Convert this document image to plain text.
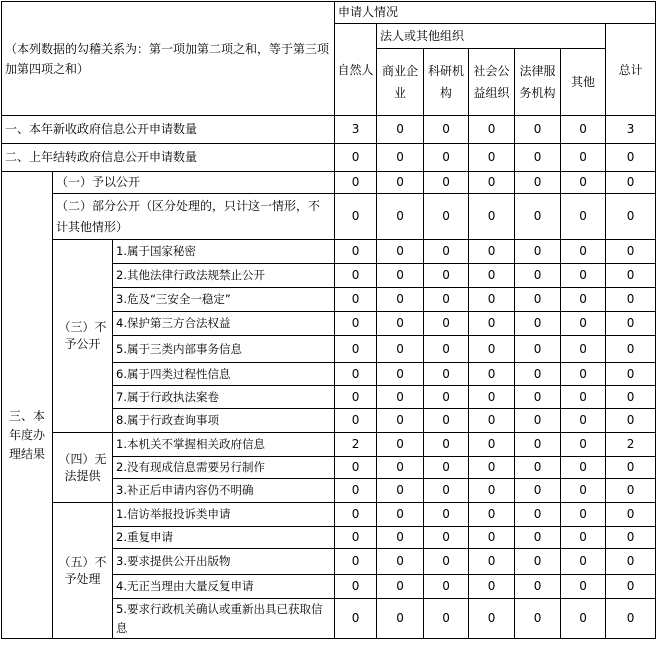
（本列数据的勾稽关系为：第一项加第二项之和，等于第三项加第四项之和）			申请人情况						
			自然人	法人或其他组织					总计
				商业企业	科研机构	社会公益组织	法律服务机构	其他	
一、本年新收政府信息公开申请数量			3	0	0	0	0	0	3
二、上年结转政府信息公开申请数量			0	0	0	0	0	0	0
三、本年度办理结果	（一）予以公开		0	0	0	0	0	0	0
	（二）部分公开（区分处理的，只计这一情形，不计其他情形）		0	0	0	0	0	0	0
	（三）不予公开	1.属于国家秘密	0	0	0	0	0	0	0
		2.其他法律行政法规禁止公开	0	0	0	0	0	0	0
		3.危及“三安全一稳定”	0	0	0	0	0	0	0
		4.保护第三方合法权益	0	0	0	0	0	0	0
		5.属于三类内部事务信息	0	0	0	0	0	0	0
		6.属于四类过程性信息	0	0	0	0	0	0	0
		7.属于行政执法案卷	0	0	0	0	0	0	0
		8.属于行政查询事项	0	0	0	0	0	0	0
	（四）无法提供	1.本机关不掌握相关政府信息	2	0	0	0	0	0	2
		2.没有现成信息需要另行制作	0	0	0	0	0	0	0
		3.补正后申请内容仍不明确	0	0	0	0	0	0	0
	（五）不予处理	1.信访举报投诉类申请	0	0	0	0	0	0	0
		2.重复申请	0	0	0	0	0	0	0
		3.要求提供公开出版物	0	0	0	0	0	0	0
		4.无正当理由大量反复申请	0	0	0	0	0	0	0
		5.要求行政机关确认或重新出具已获取信息	0	0	0	0	0	0	0
